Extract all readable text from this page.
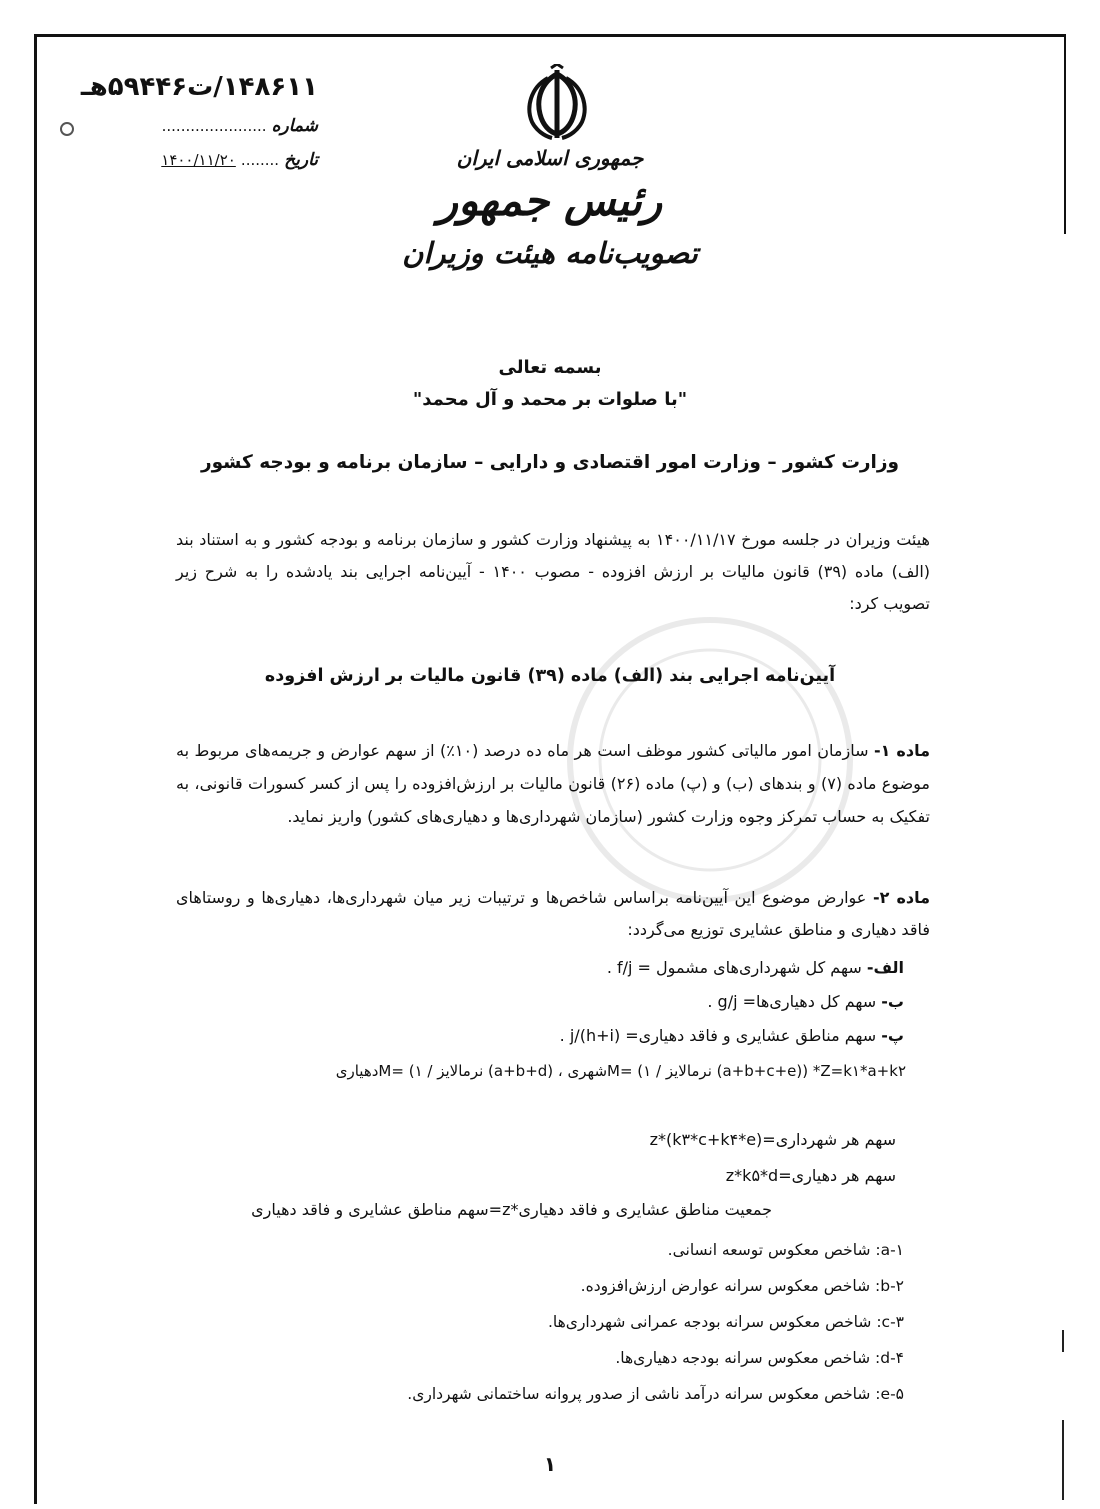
۱۴۸۶۱۱/ت۵۹۴۴۶هـ
شماره ......................
تاریخ ........ ۱۴۰۰/۱۱/۲۰	جمهوری اسلامی ایران
رئیس جمهور
تصویب‌نامه هیئت وزیران
بسمه تعالی
"با صلوات بر محمد و آل محمد"
وزارت کشور – وزارت امور اقتصادی و دارایی – سازمان برنامه و بودجه کشور
هیئت وزیران در جلسه مورخ ۱۴۰۰/۱۱/۱۷ به پیشنهاد وزارت کشور و سازمان برنامه و بودجه کشور و به استناد بند (الف) ماده (۳۹) قانون مالیات بر ارزش افزوده - مصوب ۱۴۰۰ - آیین‌نامه اجرایی بند یادشده را به شرح زیر تصویب کرد:
آیین‌نامه اجرایی بند (الف) ماده (۳۹) قانون مالیات بر ارزش افزوده
ماده ۱- سازمان امور مالیاتی کشور موظف است هر ماه ده درصد (۱۰٪) از سهم عوارض و جریمه‌های مربوط به موضوع ماده (۷) و بندهای (ب) و (پ) ماده (۲۶) قانون مالیات بر ارزش‌افزوده را پس از کسر کسورات قانونی، به تفکیک به حساب تمرکز وجوه وزارت کشور (سازمان شهرداری‌ها و دهیاری‌های کشور) واریز نماید.
ماده ۲- عوارض موضوع این آیین‌نامه براساس شاخص‌ها و ترتیبات زیر میان شهرداری‌ها، دهیاری‌ها و روستاهای فاقد دهیاری و مناطق عشایری توزیع می‌گردد:
الف- سهم کل شهرداری‌های مشمول = f/j .
ب- سهم کل دهیاری‌ها= g/j .
پ- سهم مناطق عشایری و فاقد دهیاری= (h+i)/j .
Z=k۱*a+k۲* ((a+b+c+e) نرمالایز / ۱) =Mشهری ، (a+b+d) نرمالایز / ۱) =Mدهیاری
سهم هر شهرداری=z*(k۳*c+k۴*e)
سهم هر دهیاری=z*k۵*d
جمعیت مناطق عشایری و فاقد دهیاری*z=سهم مناطق عشایری و فاقد دهیاری
۱-a: شاخص معکوس توسعه انسانی.
۲-b: شاخص معکوس سرانه عوارض ارزش‌افزوده.
۳-c: شاخص معکوس سرانه بودجه عمرانی شهرداری‌ها.
۴-d: شاخص معکوس سرانه بودجه دهیاری‌ها.
۵-e: شاخص معکوس سرانه درآمد ناشی از صدور پروانه ساختمانی شهرداری.
۱
